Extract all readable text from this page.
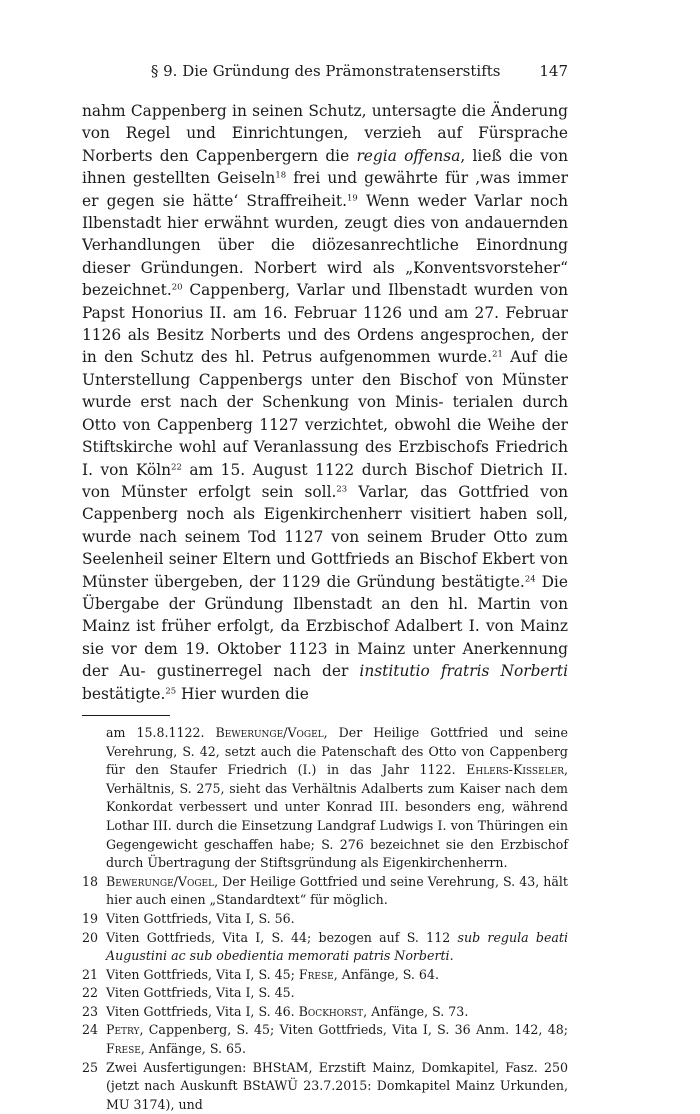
§ 9. Die Gründung des Prämonstratenserstifts	147
nahm Cappenberg in seinen Schutz, untersagte die Änderung von Regel und Einrichtungen, verzieh auf Fürsprache Norberts den Cappenbergern die regia offensa, ließ die von ihnen gestellten Geiseln$^{18}$ frei und gewährte für ‚was immer er gegen sie hätte‘ Straffreiheit.$^{19}$ Wenn weder Varlar noch Ilbenstadt hier erwähnt wurden, zeugt dies von andauernden Verhandlungen über die diözesanrechtliche Einordnung dieser Gründungen. Norbert wird als „Konventsvorsteher“ bezeichnet.$^{20}$ Cappenberg, Varlar und Ilbenstadt wurden von Papst Honorius II. am 16. Februar 1126 und am 27. Februar 1126 als Besitz Norberts und des Ordens angesprochen, der in den Schutz des hl. Petrus aufgenommen wurde.$^{21}$ Auf die Unterstellung Cappenbergs unter den Bischof von Münster wurde erst nach der Schenkung von Minis- terialen durch Otto von Cappenberg 1127 verzichtet, obwohl die Weihe der Stiftskirche wohl auf Veranlassung des Erzbischofs Friedrich I. von Köln$^{22}$ am 15. August 1122 durch Bischof Dietrich II. von Münster erfolgt sein soll.$^{23}$ Varlar, das Gottfried von Cappenberg noch als Eigenkirchenherr visitiert haben soll, wurde nach seinem Tod 1127 von seinem Bruder Otto zum Seelenheil seiner Eltern und Gottfrieds an Bischof Ekbert von Münster übergeben, der 1129 die Gründung bestätigte.$^{24}$ Die Übergabe der Gründung Ilbenstadt an den hl. Martin von Mainz ist früher erfolgt, da Erzbischof Adalbert I. von Mainz sie vor dem 19. Oktober 1123 in Mainz unter Anerkennung der Au- gustinerregel nach der institutio fratris Norberti bestätigte.$^{25}$ Hier wurden die
am 15.8.1122. Bewerunge/Vogel, Der Heilige Gottfried und seine Verehrung, S. 42, setzt auch die Patenschaft des Otto von Cappenberg für den Staufer Friedrich (I.) in das Jahr 1122. Ehlers-Kisseler, Verhältnis, S. 275, sieht das Verhältnis Adalberts zum Kaiser nach dem Konkordat verbessert und unter Konrad III. besonders eng, während Lothar III. durch die Einsetzung Landgraf Ludwigs I. von Thüringen ein Gegengewicht geschaffen habe; S. 276 bezeichnet sie den Erzbischof durch Übertragung der Stiftsgründung als Eigenkirchenherrn.
18 Bewerunge/Vogel, Der Heilige Gottfried und seine Verehrung, S. 43, hält hier auch einen „Standardtext“ für möglich.
19 Viten Gottfrieds, Vita I, S. 56.
20 Viten Gottfrieds, Vita I, S. 44; bezogen auf S. 112 sub regula beati Augustini ac sub obedientia memorati patris Norberti.
21 Viten Gottfrieds, Vita I, S. 45; Frese, Anfänge, S. 64.
22 Viten Gottfrieds, Vita I, S. 45.
23 Viten Gottfrieds, Vita I, S. 46. Bockhorst, Anfänge, S. 73.
24 Petry, Cappenberg, S. 45; Viten Gottfrieds, Vita I, S. 36 Anm. 142, 48; Frese, Anfänge, S. 65.
25 Zwei Ausfertigungen: BHStAM, Erzstift Mainz, Domkapitel, Fasz. 250 (jetzt nach Auskunft BStAWÜ 23.7.2015: Domkapitel Mainz Urkunden, MU 3174), und
